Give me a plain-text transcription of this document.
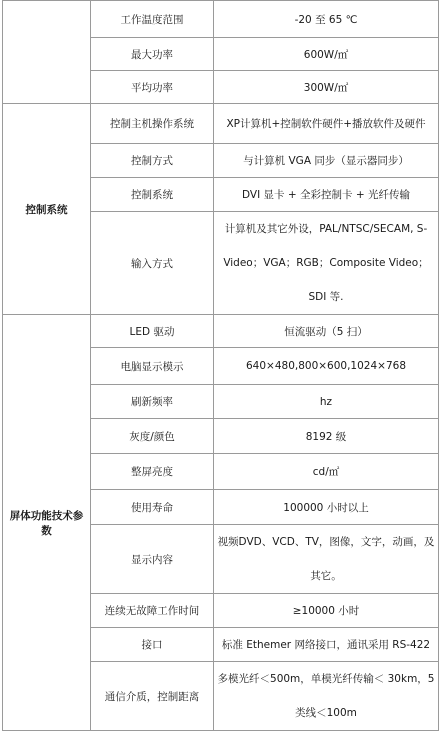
	工作温度范围	-20 至 65 ℃
	最大功率	600W/㎡
	平均功率	300W/㎡
控制系统	控制主机操作系统	XP计算机+控制软件硬件+播放软件及硬件
	控制方式	与计算机 VGA 同步（显示器同步）
	控制系统	DVI 显卡 + 全彩控制卡 + 光纤传输
	输入方式	计算机及其它外设，PAL/NTSC/SECAM, S-Video；VGA；RGB；Composite Video；SDI 等.
屏体功能技术参数	LED 驱动	恒流驱动（5 扫）
	电脑显示模示	640×480,800×600,1024×768
	刷新频率	hz
	灰度/颜色	8192 级
	整屏亮度	cd/㎡
	使用寿命	100000 小时以上
	显示内容	视频DVD、VCD、TV，图像，文字，动画，及其它。
	连续无故障工作时间	≥10000 小时
	接口	标准 Ethemer 网络接口，通讯采用 RS-422
	通信介质，控制距离	多模光纤＜500m，单模光纤传输＜ 30km，5 类线＜100m
